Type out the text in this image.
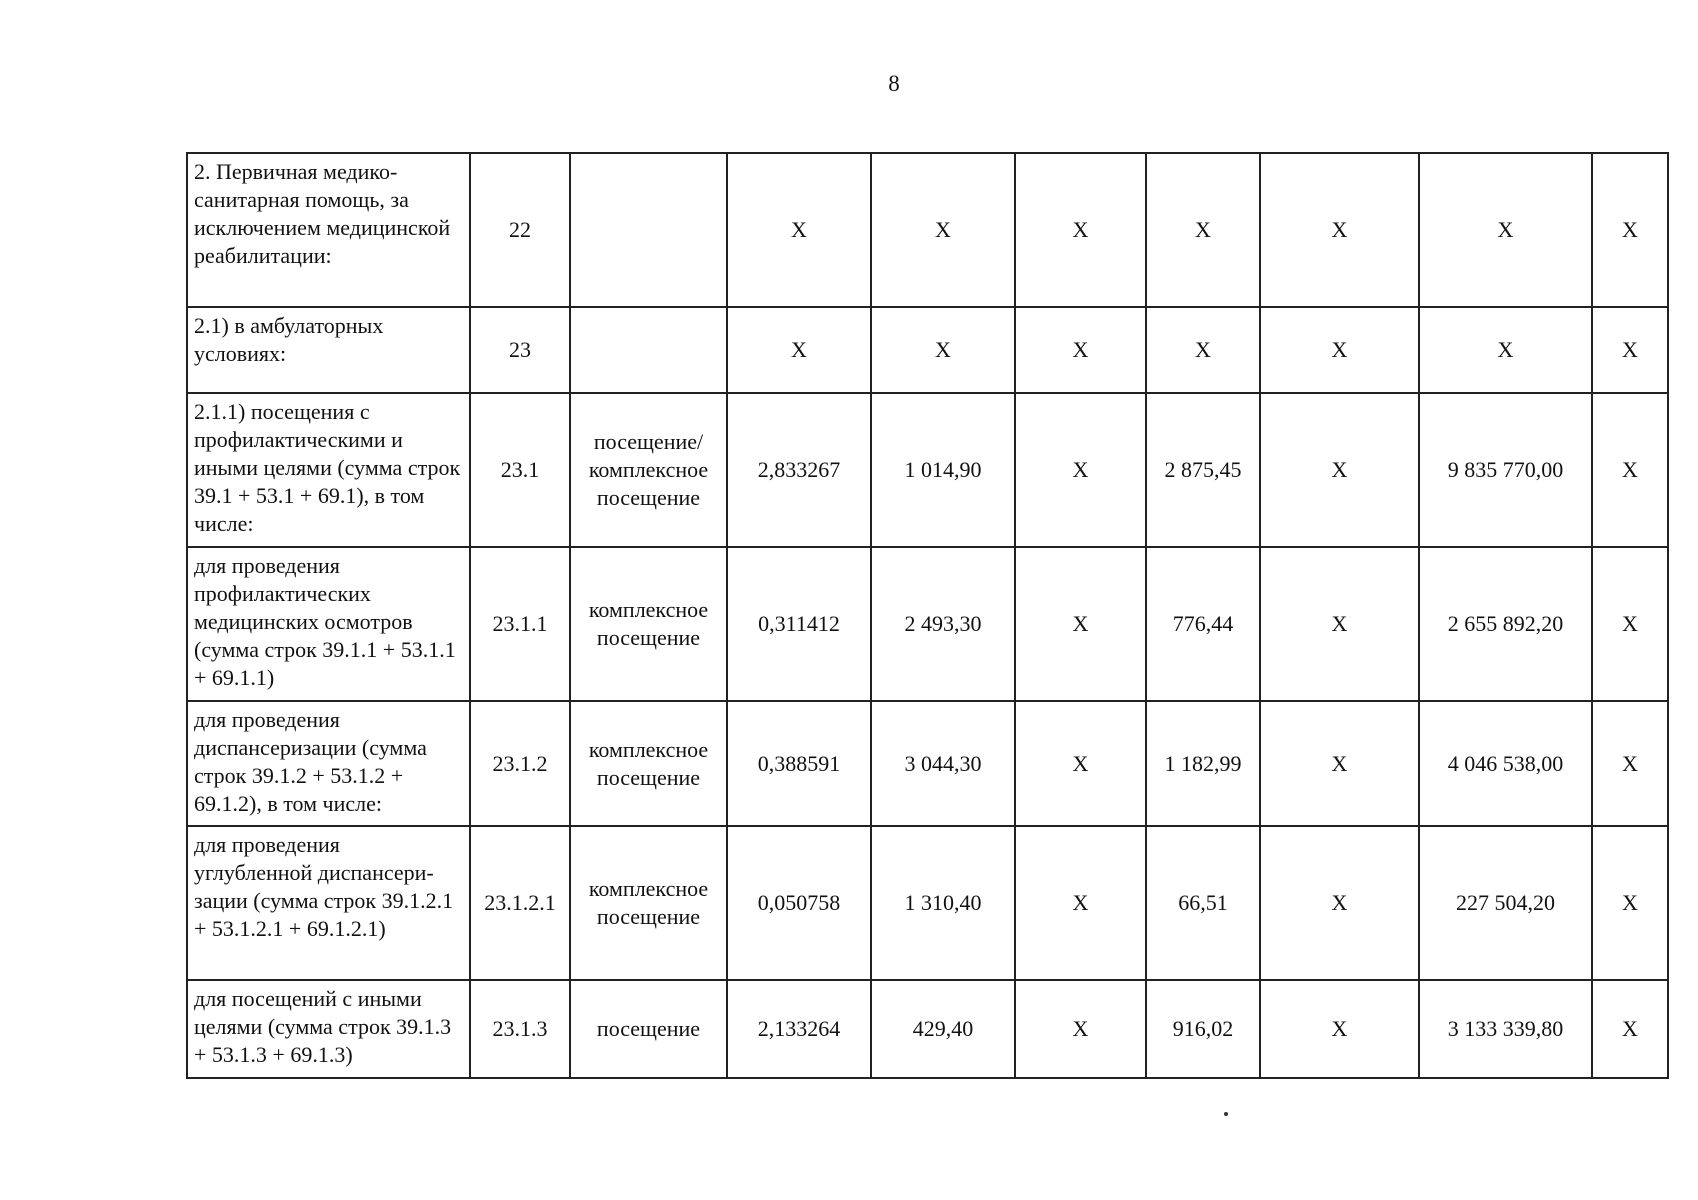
8
2. Первичная медико-санитарная помощь, за исключением медицинской реабилитации:	22		X	X	X	X	X	X	X
2.1) в амбулаторных условиях:	23		X	X	X	X	X	X	X
2.1.1) посещения с профилактическими и иными целями (сумма строк 39.1 + 53.1 + 69.1), в том числе:	23.1	посещение/ комплексное посещение	2,833267	1 014,90	X	2 875,45	X	9 835 770,00	X
для проведения профилактических медицинских осмотров (сумма строк 39.1.1 + 53.1.1 + 69.1.1)	23.1.1	комплексное посещение	0,311412	2 493,30	X	776,44	X	2 655 892,20	X
для проведения диспансеризации (сумма строк 39.1.2 + 53.1.2 + 69.1.2), в том числе:	23.1.2	комплексное посещение	0,388591	3 044,30	X	1 182,99	X	4 046 538,00	X
для проведения углубленной диспансери-зации (сумма строк 39.1.2.1 + 53.1.2.1 + 69.1.2.1)	23.1.2.1	комплексное посещение	0,050758	1 310,40	X	66,51	X	227 504,20	X
для посещений с иными целями (сумма строк 39.1.3 + 53.1.3 + 69.1.3)	23.1.3	посещение	2,133264	429,40	X	916,02	X	3 133 339,80	X
